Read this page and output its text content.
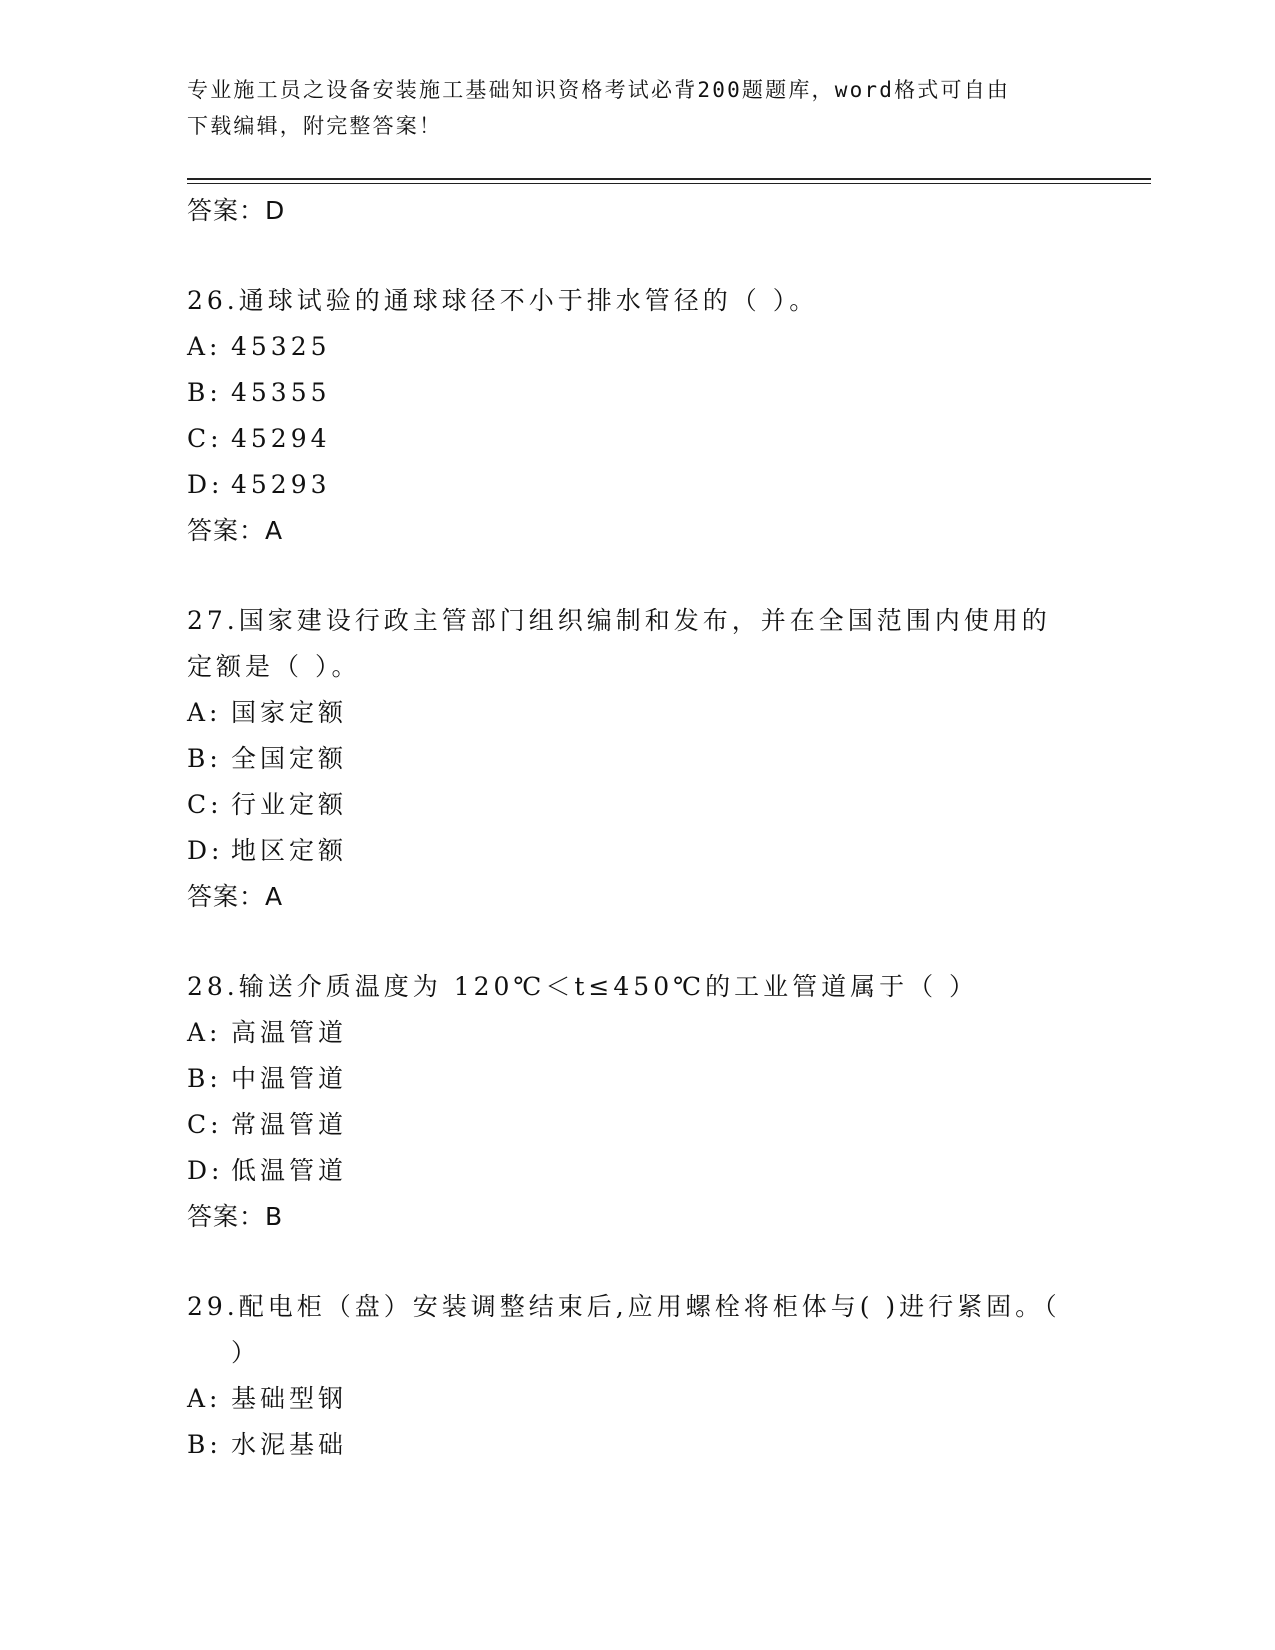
专业施工员之设备安装施工基础知识资格考试必背200题题库，word格式可自由
下载编辑，附完整答案！
答案：D
26.通球试验的通球球径不小于排水管径的（ ）。
A: 45325
B: 45355
C: 45294
D: 45293
答案：A
27.国家建设行政主管部门组织编制和发布，并在全国范围内使用的定额是（ ）。
A: 国家定额
B: 全国定额
C: 行业定额
D: 地区定额
答案：A
28.输送介质温度为 120℃＜t≤450℃的工业管道属于（ ）
A: 高温管道
B: 中温管道
C: 常温管道
D: 低温管道
答案：B
29.配电柜（盘）安装调整结束后,应用螺栓将柜体与( )进行紧固。（ ）
A: 基础型钢
B: 水泥基础
